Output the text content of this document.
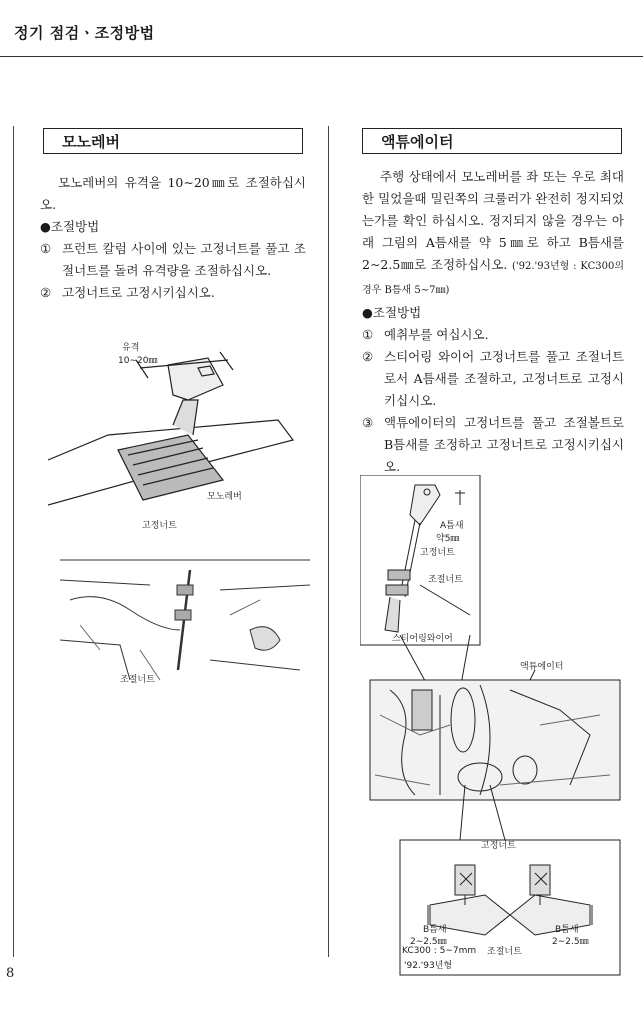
정기 점검ㆍ조정방법
모노레버

모노레버의 유격을 10∼20㎜로 조절하십시오.

●조절방법

① 프런트 칼럼 사이에 있는 고정너트를 풀고 조절너트를 돌려 유격량을 조절하십시오.
② 고정너트로 고정시키십시오.
유격
10∼20㎜
모노레버
고정너트
조절너트
액튜에이터

주행 상태에서 모노레버를 좌 또는 우로 최대한 밀었을때 밀린쪽의 크룰러가 완전히 정지되었는가를 확인 하십시오. 정지되지 않을 경우는 아래 그림의 A틈새를 약 5㎜로 하고 B틈새를 2∼2.5㎜로 조정하십시오. ('92.'93년형 : KC300의 경우 B틈새 5∼7㎜)

●조절방법

① 예취부를 여십시오.
② 스티어링 와이어 고정너트를 풀고 조절너트로서 A틈새를 조절하고, 고정너트로 고정시키십시오.
③ 액튜에이터의 고정너트를 풀고 조절볼트로 B틈새를 조정하고 고정너트로 고정시키십시오.
A틈새
약5㎜
고정너트
조절너트
스티어링와이어
액튜에이터
고정너트
B틈새
2∼2.5㎜
KC300 : 5∼7mm
'92.'93년형
조절너트
B틈새
2∼2.5㎜
8
